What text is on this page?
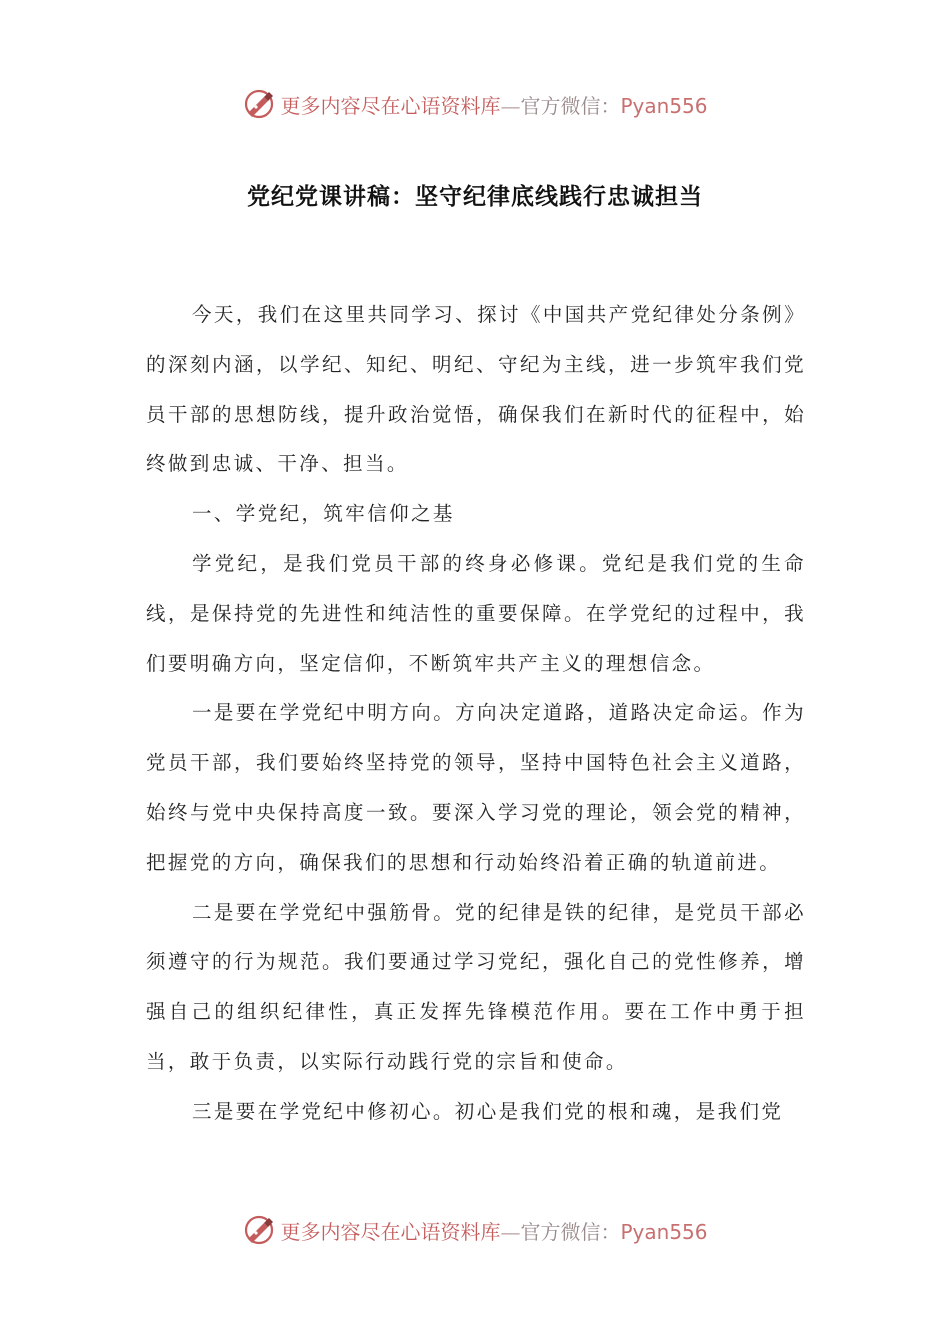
更多内容尽在心语资料库—官方微信：Pyan556
党纪党课讲稿：坚守纪律底线践行忠诚担当

今天，我们在这里共同学习、探讨《中国共产党纪律处分条例》的深刻内涵，以学纪、知纪、明纪、守纪为主线，进一步筑牢我们党员干部的思想防线，提升政治觉悟，确保我们在新时代的征程中，始终做到忠诚、干净、担当。

一、学党纪，筑牢信仰之基

学党纪，是我们党员干部的终身必修课。党纪是我们党的生命线，是保持党的先进性和纯洁性的重要保障。在学党纪的过程中，我们要明确方向，坚定信仰，不断筑牢共产主义的理想信念。

一是要在学党纪中明方向。方向决定道路，道路决定命运。作为党员干部，我们要始终坚持党的领导，坚持中国特色社会主义道路，始终与党中央保持高度一致。要深入学习党的理论，领会党的精神，把握党的方向，确保我们的思想和行动始终沿着正确的轨道前进。

二是要在学党纪中强筋骨。党的纪律是铁的纪律，是党员干部必须遵守的行为规范。我们要通过学习党纪，强化自己的党性修养，增强自己的组织纪律性，真正发挥先锋模范作用。要在工作中勇于担当，敢于负责，以实际行动践行党的宗旨和使命。

三是要在学党纪中修初心。初心是我们党的根和魂，是我们党

更多内容尽在心语资料库—官方微信：Pyan556
